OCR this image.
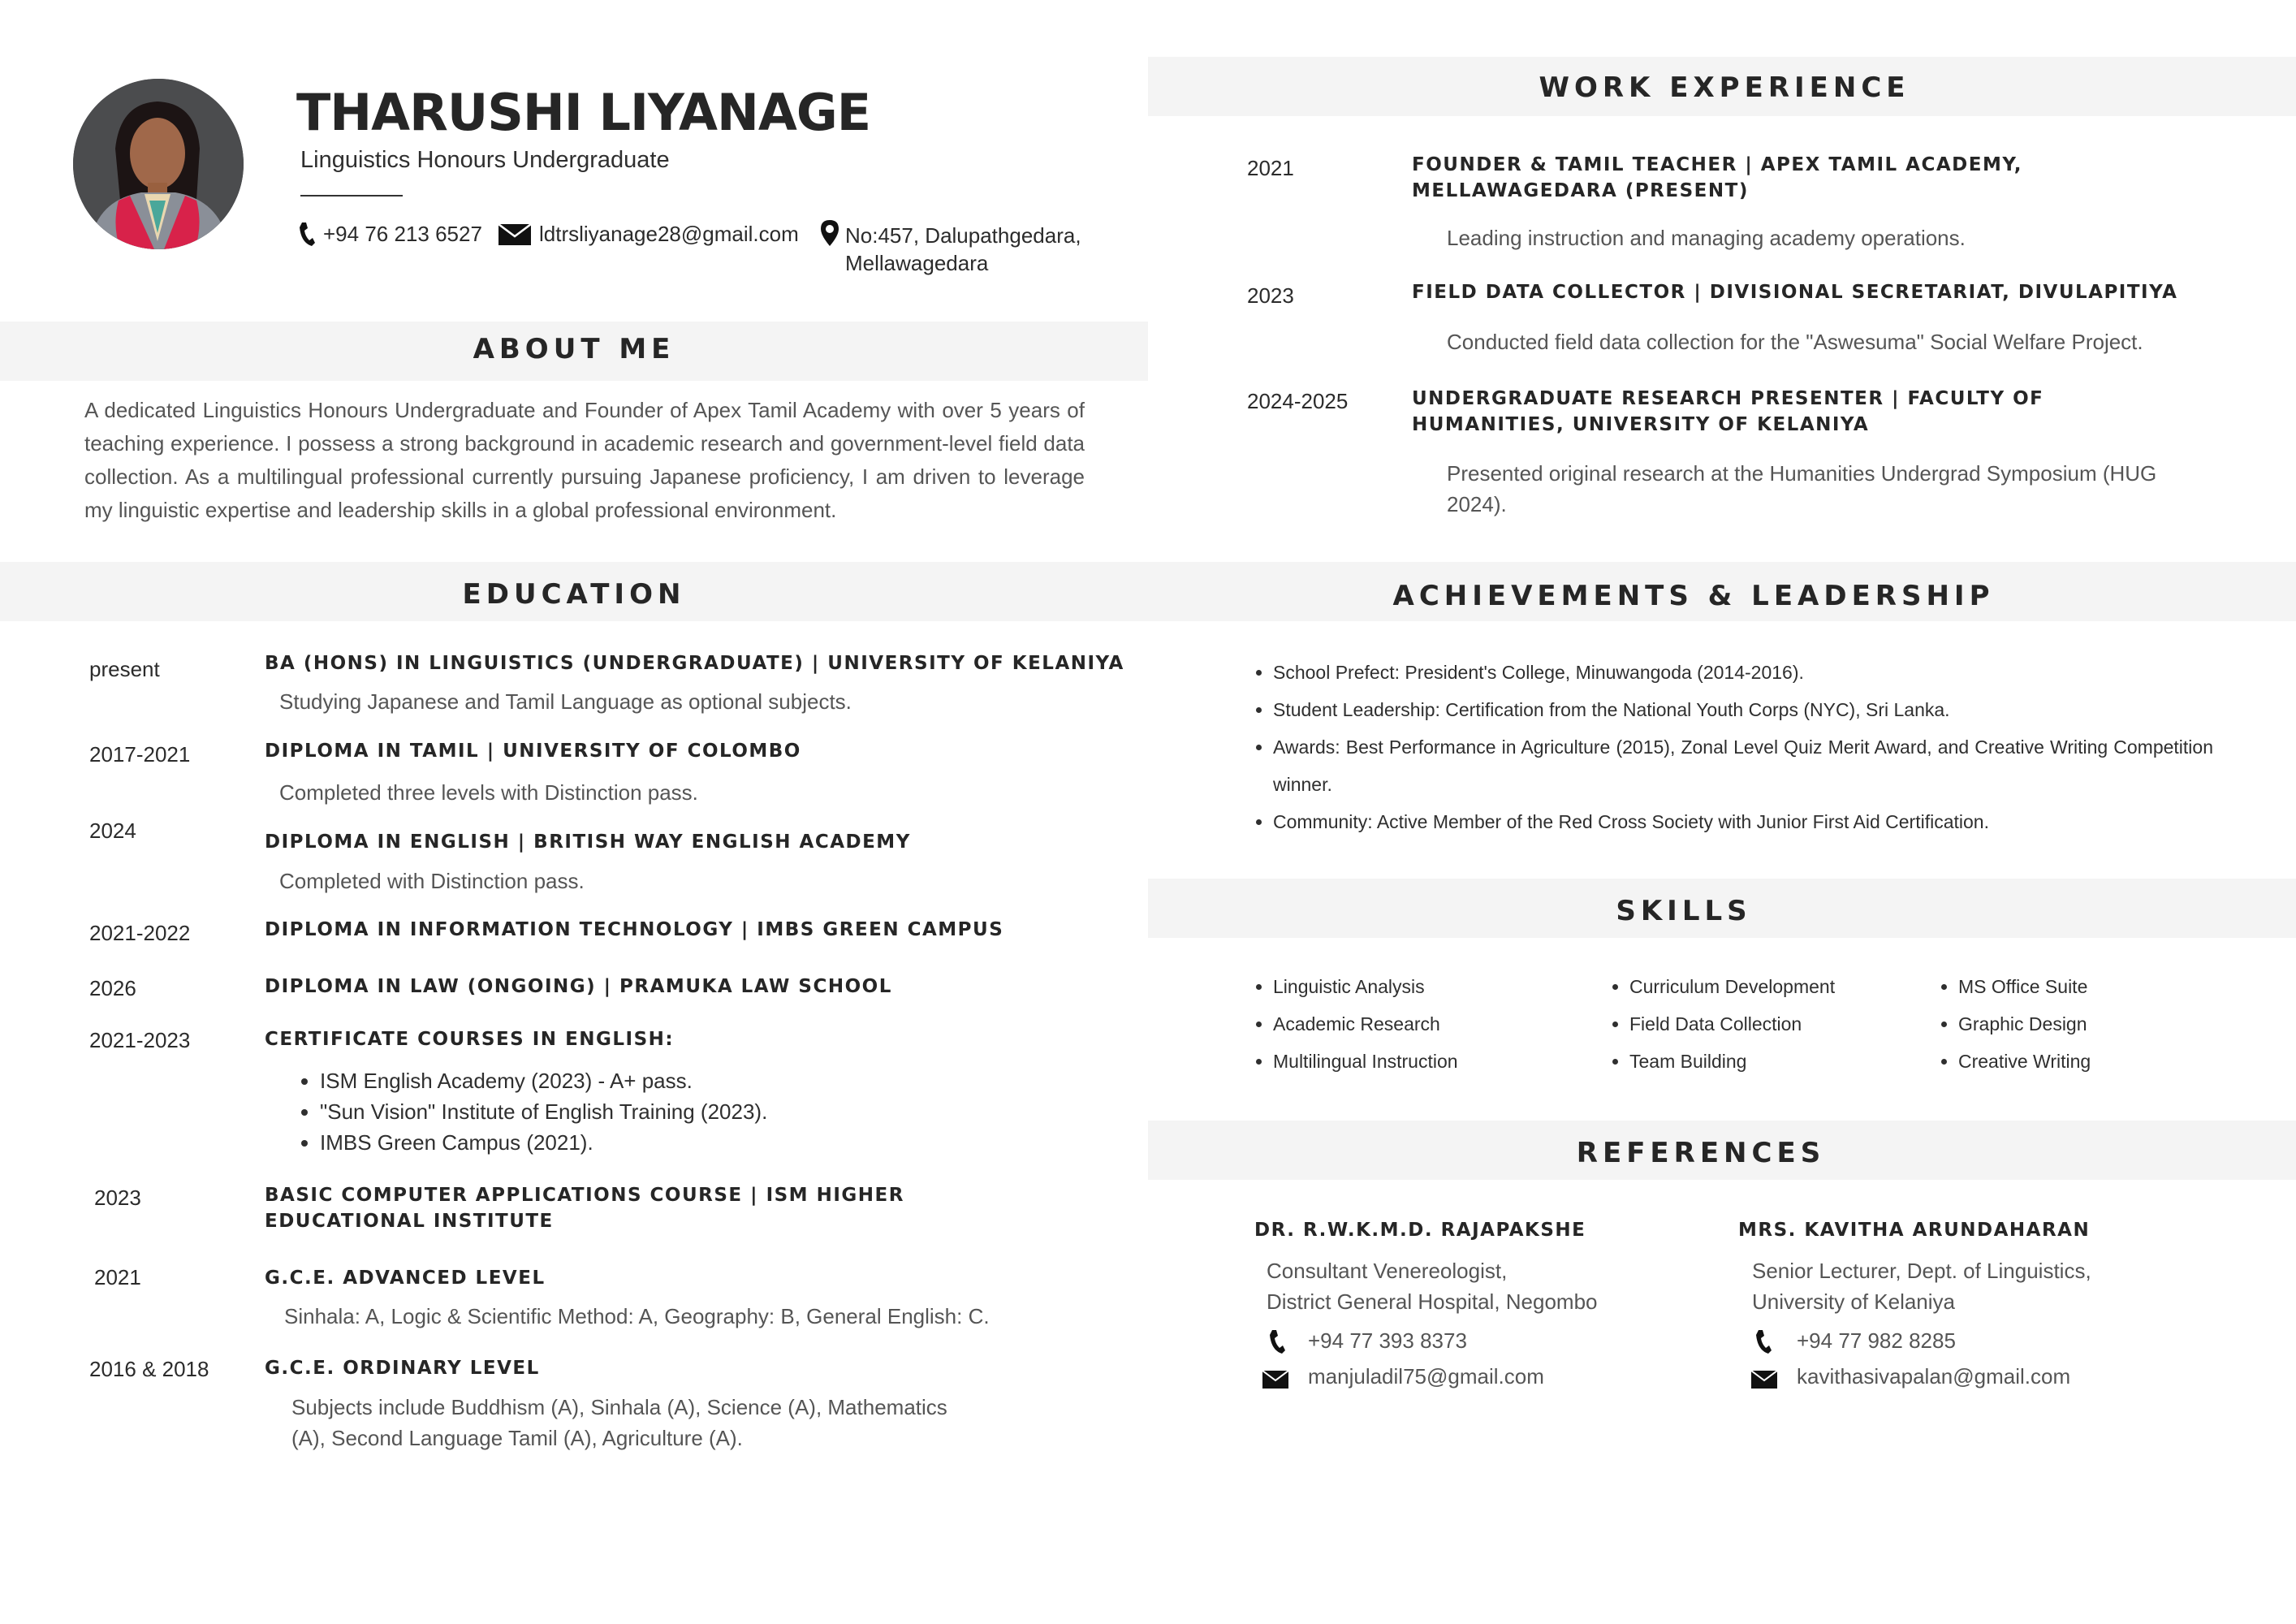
THARUSHI LIYANAGE
Linguistics Honours Undergraduate
+94 76 213 6527	ldtrsliyanage28@gmail.com No:457, Dalupathgedara,
Mellawagedara
ABOUT ME
A dedicated Linguistics Honours Undergraduate and Founder of Apex Tamil Academy with over 5 years of teaching experience. I possess a strong background in academic research and government-level field data collection. As a multilingual professional currently pursuing Japanese proficiency, I am driven to leverage my linguistic expertise and leadership skills in a global professional environment.
EDUCATION
present	BA (HONS) IN LINGUISTICS (UNDERGRADUATE) | UNIVERSITY OF KELANIYA
Studying Japanese and Tamil Language as optional subjects.
2017-2021	DIPLOMA IN TAMIL | UNIVERSITY OF COLOMBO
Completed three levels with Distinction pass.
2024	DIPLOMA IN ENGLISH | BRITISH WAY ENGLISH ACADEMY
Completed with Distinction pass.
2021-2022	DIPLOMA IN INFORMATION TECHNOLOGY | IMBS GREEN CAMPUS
2026	DIPLOMA IN LAW (ONGOING) | PRAMUKA LAW SCHOOL
2021-2023	CERTIFICATE COURSES IN ENGLISH:
• ISM English Academy (2023) - A+ pass.
• "Sun Vision" Institute of English Training (2023).
• IMBS Green Campus (2021).
2023	BASIC COMPUTER APPLICATIONS COURSE | ISM HIGHER EDUCATIONAL INSTITUTE
2021	G.C.E. ADVANCED LEVEL
Sinhala: A, Logic & Scientific Method: A, Geography: B, General English: C.
2016 & 2018	G.C.E. ORDINARY LEVEL
Subjects include Buddhism (A), Sinhala (A), Science (A), Mathematics (A), Second Language Tamil (A), Agriculture (A).
WORK EXPERIENCE
2021	FOUNDER & TAMIL TEACHER | APEX TAMIL ACADEMY, MELLAWAGEDARA (PRESENT)
Leading instruction and managing academy operations.
2023	FIELD DATA COLLECTOR | DIVISIONAL SECRETARIAT, DIVULAPITIYA
Conducted field data collection for the "Aswesuma" Social Welfare Project.
2024-2025	UNDERGRADUATE RESEARCH PRESENTER | FACULTY OF HUMANITIES, UNIVERSITY OF KELANIYA
Presented original research at the Humanities Undergrad Symposium (HUG 2024).
ACHIEVEMENTS & LEADERSHIP
• School Prefect: President's College, Minuwangoda (2014-2016).
• Student Leadership: Certification from the National Youth Corps (NYC), Sri Lanka.
• Awards: Best Performance in Agriculture (2015), Zonal Level Quiz Merit Award, and Creative Writing Competition winner.
• Community: Active Member of the Red Cross Society with Junior First Aid Certification.
SKILLS
• Linguistic Analysis
• Academic Research
• Multilingual Instruction
• Curriculum Development
• Field Data Collection
• Team Building
• MS Office Suite
• Graphic Design
• Creative Writing
REFERENCES
DR. R.W.K.M.D. RAJAPAKSHE
Consultant Venereologist,
District General Hospital, Negombo
+94 77 393 8373
manjuladil75@gmail.com
MRS. KAVITHA ARUNDAHARAN
Senior Lecturer, Dept. of Linguistics,
University of Kelaniya
+94 77 982 8285
kavithasivapalan@gmail.com
